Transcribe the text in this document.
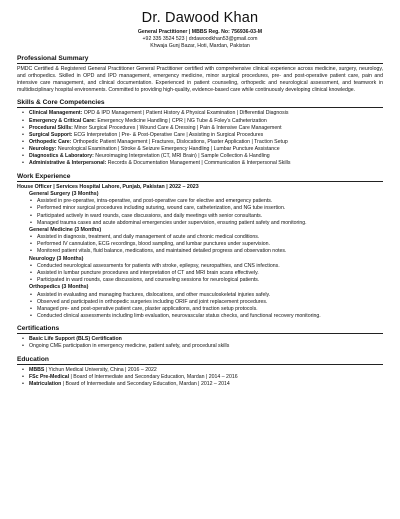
Dr. Dawood Khan
General Practitioner | MBBS Reg. No: 756936-03-M
+92 335 3524 523 | drdawoodkhan53@gmail.com
Khwaja Gunj Bazar, Hoti, Mardan, Pakistan
Professional Summary
PMDC Certified & Registered General Practitioner General Practitioner certified with comprehensive clinical experience across medicine, surgery, neurology, and orthopedics. Skilled in OPD and IPD management, emergency medicine, minor surgical procedures, pre- and post-operative patient care, pain and intensive care management, and clinical documentation. Experienced in patient counseling, orthopedic and neurological assessment, and teamwork in multidisciplinary hospital environments. Committed to providing high-quality, evidence-based care while continuously developing clinical knowledge.
Skills & Core Competencies
• Clinical Management: OPD & IPD Management | Patient History & Physical Examination | Differential Diagnosis
• Emergency & Critical Care: Emergency Medicine Handling | CPR | NG Tube & Foley's Catheterization
• Procedural Skills: Minor Surgical Procedures | Wound Care & Dressing | Pain & Intensive Care Management
• Surgical Support: ECG Interpretation | Pre- & Post-Operative Care | Assisting in Surgical Procedures
• Orthopedic Care: Orthopedic Patient Management | Fractures, Dislocations, Plaster Application | Traction Setup
• Neurology: Neurological Examination | Stroke & Seizure Emergency Handling | Lumbar Puncture Assistance
• Diagnostics & Laboratory: Neuroimaging Interpretation (CT, MRI Brain) | Sample Collection & Handling
• Administrative & Interpersonal: Records & Documentation Management | Communication & Interpersonal Skills
Work Experience
House Officer | Services Hospital Lahore, Punjab, Pakistan | 2022 – 2023
General Surgery (3 Months)
• Assisted in pre-operative, intra-operative, and post-operative care for elective and emergency patients.
• Performed minor surgical procedures including suturing, wound care, catheterization, and NG tube insertion.
• Participated actively in ward rounds, case discussions, and daily meetings with senior consultants.
• Managed trauma cases and acute abdominal emergencies under supervision, ensuring patient safety and monitoring.
General Medicine (3 Months)
• Assisted in diagnosis, treatment, and daily management of acute and chronic medical conditions.
• Performed IV cannulation, ECG recordings, blood sampling, and lumbar punctures under supervision.
• Monitored patient vitals, fluid balance, medications, and maintained detailed progress and observation notes.
Neurology (3 Months)
• Conducted neurological assessments for patients with stroke, epilepsy, neuropathies, and CNS infections.
• Assisted in lumbar puncture procedures and interpretation of CT and MRI brain scans effectively.
• Participated in ward rounds, case discussions, and counseling sessions for neurological patients.
Orthopedics (3 Months)
• Assisted in evaluating and managing fractures, dislocations, and other musculoskeletal injuries safely.
• Observed and participated in orthopedic surgeries including ORIF and joint replacement procedures.
• Managed pre- and post-operative patient care, plaster applications, and traction setup protocols.
• Conducted clinical assessments including limb evaluation, neurovascular status checks, and functional recovery monitoring.
Certifications
• Basic Life Support (BLS) Certification
• Ongoing CME participation in emergency medicine, patient safety, and procedural skills
Education
• MBBS | Yichun Medical University, China | 2016 – 2022
• FSc Pre-Medical | Board of Intermediate and Secondary Education, Mardan | 2014 – 2016
• Matriculation | Board of Intermediate and Secondary Education, Mardan | 2012 – 2014
